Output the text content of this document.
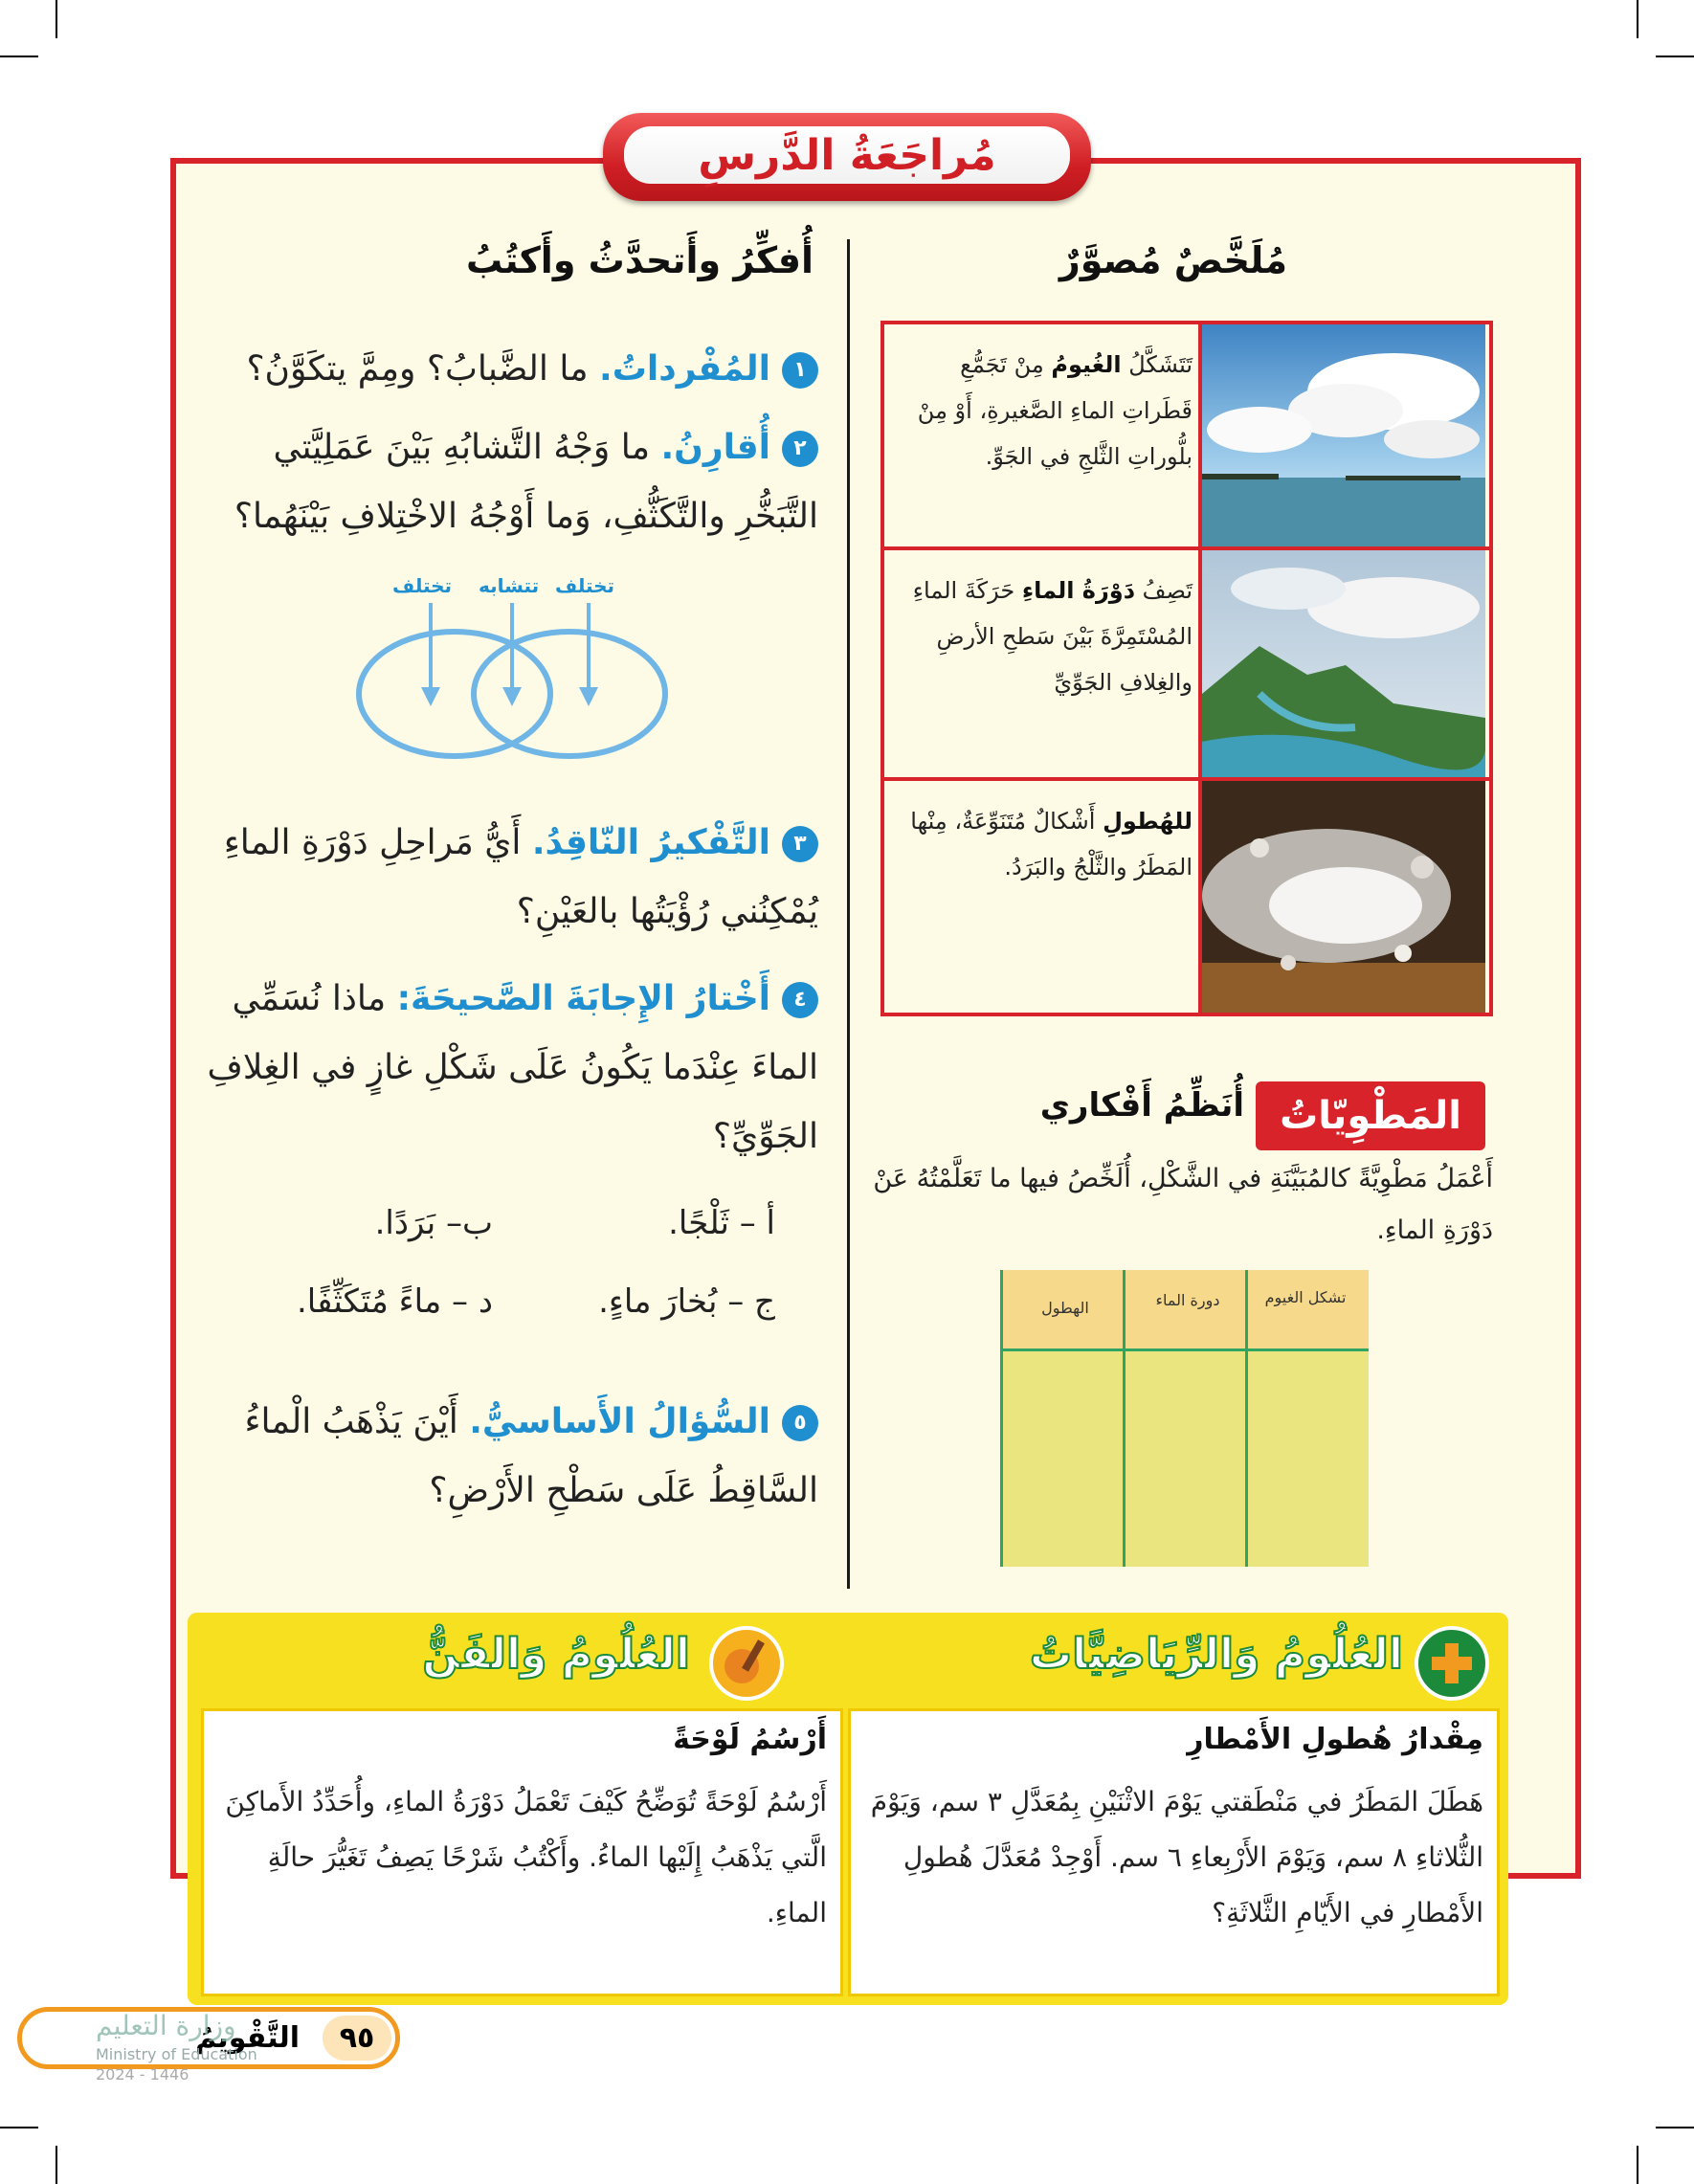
مُراجَعَةُ الدَّرسِ
مُلَخَّصٌ مُصوَّرٌ
تَتَشَكَّلُ الغُيومُ مِنْ تَجَمُّعِ قَطَراتِ الماءِ الصَّغيرةِ، أَوْ مِنْ بلُّوراتِ الثَّلجِ في الجَوِّ.
تَصِفُ دَوْرَةُ الماءِ حَرَكَةَ الماءِ المُسْتَمِرَّةَ بَيْنَ سَطحِ الأرضِ والغِلافِ الجَوِّيِّ
للهُطولِ أَشْكالٌ مُتَنَوِّعَةٌ، مِنْها المَطَرُ والثَّلْجُ والبَرَدُ.
المَطْوِيّاتُ
أُنَظِّمُ أَفْكاري
أَعْمَلُ مَطْوِيَّةً كالمُبَيَّنَةِ في الشَّكْلِ، أُلَخِّصُ فيها ما تَعَلَّمْتُهُ عَنْ دَوْرَةِ الماءِ.
الهطول	دورة الماء	تشكل الغيوم
أُفكِّرُ وأَتحدَّثُ وأَكتُبُ
١المُفْرداتُ. ما الضَّبابُ؟ ومِمَّ يتكَوَّنُ؟
٢أُقارِنُ. ما وَجْهُ التَّشابُهِ بَيْنَ عَمَلِيَّتي التَّبَخُّرِ والتَّكَثُّفِ، وَما أَوْجُهُ الاخْتِلافِ بَيْنَهُما؟
تختلف تتشابه تختلف
٣التَّفْكيرُ النّاقِدُ. أَيُّ مَراحِلِ دَوْرَةِ الماءِ يُمْكِنُني رُؤْيَتُها بالعَيْنِ؟
٤أَخْتارُ الإِجابَةَ الصَّحيحَةَ: ماذا نُسَمِّي الماءَ عِنْدَما يَكُونُ عَلَى شَكْلِ غازٍ في الغِلافِ الجَوِّيِّ؟
أ – ثَلْجًا.
ب– بَرَدًا.
ج – بُخارَ ماءٍ.
د – ماءً مُتَكَثِّفًا.
٥السُّؤالُ الأَساسيُّ. أَيْنَ يَذْهَبُ الْماءُ السَّاقِطُ عَلَى سَطْحِ الأَرْضِ؟
العُلُومُ وَالرِّيَاضِيَّاتُ
العُلُومُ وَالفَنُّ
مِقْدارُ هُطولِ الأَمْطارِ

هَطَلَ المَطَرُ في مَنْطَقتي يَوْمَ الاثْنَيْنِ بِمُعَدَّلِ ٣ سم، وَيَوْمَ الثُّلاثاءِ ٨ سم، وَيَوْمَ الأَرْبِعاءِ ٦ سم. أَوْجِدْ مُعَدَّلَ هُطولِ الأَمْطارِ في الأَيّامِ الثَّلاثَةِ؟

أَرْسُمُ لَوْحَةً

أَرْسُمُ لَوْحَةً تُوَضِّحُ كَيْفَ تَعْمَلُ دَوْرَةُ الماءِ، وأُحَدِّدُ الأَماكِنَ الَّتي يَذْهَبُ إِلَيْها الماءُ. وأَكْتُبُ شَرْحًا يَصِفُ تَغَيُّرَ حالَةِ الماءِ.

٩٥
التَّقْويمُ
وزارة التعليم
Ministry of Education
2024 - 1446
